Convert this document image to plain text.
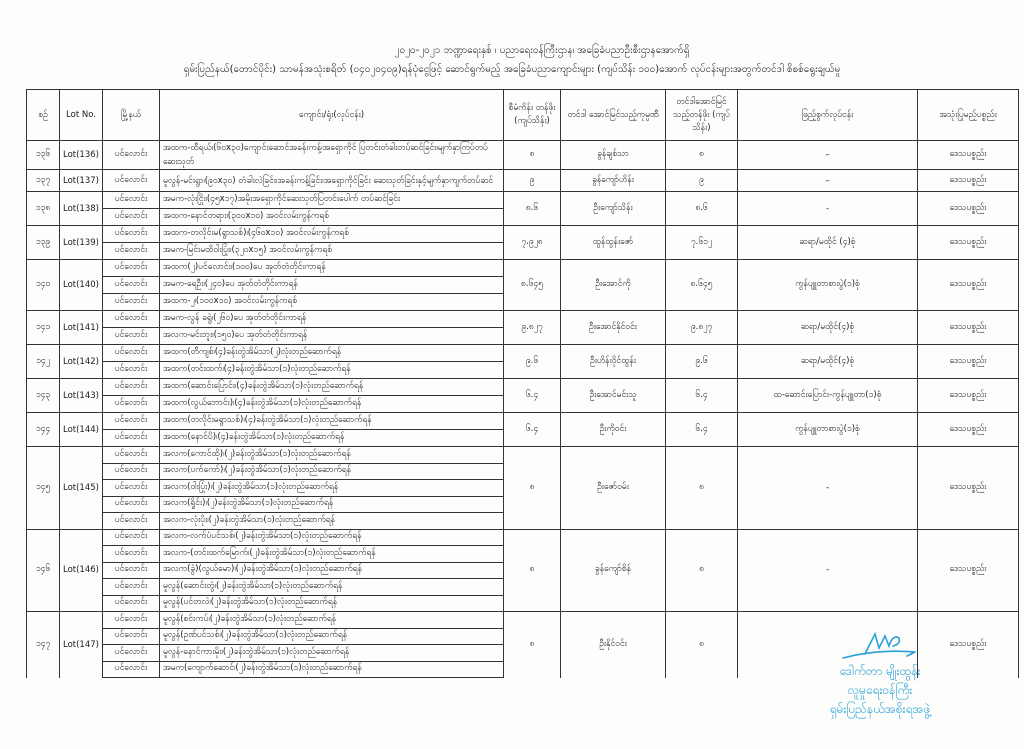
၂၀၂၀-၂၀၂၁ ဘဏ္ဍာရေးနှစ် ၊ ပညာရေးဝန်ကြီးဌာန၊ အခြေခံပညာဦးစီးဌာနအောက်ရှိ
ရှမ်းပြည်နယ်(တောင်ပိုင်း) သာမန်အသုံးစရိတ် (၀၄၀၂၀၄၀၉)ရန်ပုံငွေဖြင့် ဆောင်ရွက်မည့် အခြေခံပညာကျောင်းများ (ကျပ်သိန်း ၁၀၀)အောက် လုပ်ငန်းများအတွက်တင်ဒါ စိစစ်ရွေးချယ်မှု
စဉ်	Lot No.	မြို့နယ်	ကျောင်း/ရုံး(လုပ်ငန်း)	စီမံကိန်း တန်ဖိုး (ကျပ်သိန်း)	တင်ဒါ အောင်မြင်သည့်ကုမ္ပဏီ	တင်ဒါအောင်မြင် သည့်တန်ဖိုး (ကျပ်သိန်း)	ဖြည့်စွက်လုပ်ငန်း	အသုံးပြုမည့်ပစ္စည်း
၁၃၆	Lot(136)	ပင်လောင်း	အထက-ထီရယ်၊(၆၀x၃၀)ကျောင်းဆောင်အခန်းကန့်၊အရှောကိုင် ပြတင်းတံခါးတပ်ဆင်ခြင်း၊မျက်နှာကြပ်တပ်ဆေးသုတ်	၈	ခွန်ချစ်သာ	၈	–	ဒေသပစ္စည်း
၁၃၇	Lot(137)	ပင်လောင်း	မူလွန်-မင်းရွာ၊(၉၀x၃၀) တံခါးလဲခြင်း၊အခန်းကန့်ခြင်း၊အရှောကိုင်ခြင်း ဆေးသုတ်ခြင်းနှင့်မျက်နှာကျက်တပ်ဆင်	၉	ခွန်ကျော်ဟိန်း	၉	–	ဒေသပစ္စည်း
၁၃၈	Lot(138)	ပင်လောင်း	အမက-လုံးငြိုး၊(၄၅x၁၇)အမိုးအရှောကိုင်ဆေးသုတ်ပြတင်းပေါက် တပ်ဆင်ခြင်း	၈.၆	ဦးကျော်သိန်း	၈.၆	-	ဒေသပစ္စည်း
		ပင်လောင်း	အထက-နောင်တရား၊(၃၀၀x၁၀) အဝင်လမ်းကွန်ကရစ်					
၁၃၉	Lot(139)	ပင်လောင်း	အထက-တလိုင်းမ(ရွာသစ်)၊(၄၆၀x၁၀) အဝင်လမ်းကွန်ကရစ်	၇.၉၂၈	ထွန်ထွန်းဇော်	၇.၆၁၂	ဆရာ/မထိုင် (၄)စုံ	ဒေသပစ္စည်း
		ပင်လောင်း	အမက-မြင်းမထိဝါးပြုံး၊(၃၂၀x၁၅) အဝင်လမ်းကွန်ကရစ်					
၁၄၀	Lot(140)	ပင်လောင်း	အထက(၂)ပင်လောင်း၊(၁၀၀)ပေ အုတ်တံတိုင်းကာရန်	၈.၆၄၅	ဦးအောင်ကို	၈.၆၄၅	ကွန်ပျူတာစားပွဲ(၁)စုံ	ဒေသပစ္စည်း
		ပင်လောင်း	အမက-ရေဦး၊(၂၄၀)ပေ အုတ်တံတိုင်းကာရန်					
		ပင်လောင်း	အထက-၂၊(၁၀၀x၁၀) အဝင်လမ်းကွန်ကရစ်					
၁၄၁	Lot(141)	ပင်လောင်း	အမက-လွန် ခရွဲ၊(၂၆၀)ပေ အုတ်တံတိုင်းကာရန်	၉.၈၂၇	ဦးအောင်နိုင်ဝင်း	၉.၈၂၇	ဆရာ/မထိုင်(၄)စုံ	ဒေသပစ္စည်း
		ပင်လောင်း	အလက-မင်းဘူး၊(၁၅၀)ပေ အုတ်တံတိုင်းကာရန်					
၁၄၂	Lot(142)	ပင်လောင်း	အထက(တီကျစ်၊(၄)ခန်းတွဲအိမ်သာ(၂)လုံးတည်ဆောက်ရန်	၉.၆	ဦးဟိန်းဝိုင်ထွန်း	၉.၆	ဆရာ/မထိုင်(၄)စုံ	ဒေသပစ္စည်း
		ပင်လောင်း	အထက(တင်းထက်၊(၄)ခန်းတွဲအိမ်သာ(၁)လုံးတည်ဆောက်ရန်					
၁၄၃	Lot(143)	ပင်လောင်း	အထက(ဆောင်းပြောင်း၊(၄)ခန်းတွဲအိမ်သာ(၁)လုံးတည်ဆောက်ရန်	၆.၄	ဦးအောင်မင်းသူ	၆.၄	ထ-ဆောင်းပြောင်း-ကွန်ပျူတာ(၁)စုံ	ဒေသပစ္စည်း
		ပင်လောင်း	အထက(လွယ်ဘောင်း)၊(၄)ခန်းတွဲအိမ်သာ(၁)လုံးတည်ဆောက်ရန်					
၁၄၄	Lot(144)	ပင်လောင်း	အထက(တလိုင်းမရွာသစ်)၊(၄)ခန်းတွဲအိမ်သာ(၁)လုံးတည်ဆောက်ရန်	၆.၄	ဦးကိုဝင်း	၆.၄	ကွန်ပျူတာစားပွဲ(၁)စုံ	ဒေသပစ္စည်း
		ပင်လောင်း	အထက(နောင်ပိ)၊(၄)ခန်းတွဲအိမ်သာ(၁)လုံးတည်ဆောက်ရန်					
၁၄၅	Lot(145)	ပင်လောင်း	အလက(ကောင်ထို)၊(၂)ခန်းတွဲအိမ်သာ(၁)လုံးတည်ဆောက်ရန်	၈	ဦးဇော်ဝမ်း	၈	-	ဒေသပစ္စည်း
		ပင်လောင်း	အလက(ပက်ကော်)၊(၂)ခန်းတွဲအိမ်သာ(၁)လုံးတည်ဆောက်ရန်					
		ပင်လောင်း	အလက(ဝါးပြုံး)၊(၂)ခန်းတွဲအိမ်သာ(၁)လုံးတည်ဆောက်ရန်					
		ပင်လောင်း	အလက(ရှိုင်း)၊(၂)ခန်းတွဲအိမ်သာ(၁)လုံးတည်ဆောက်ရန်					
		ပင်လောင်း	အလက-လုံးပိုး၊(၂)ခန်းတွဲအိမ်သာ(၁)လုံးတည်ဆောက်ရန်					
၁၄၆	Lot(146)	ပင်လောင်း	အလက-လက်ပံပင်သစ်၊(၂)ခန်းတွဲအိမ်သာ(၁)လုံးတည်ဆောက်ရန်	၈	ခွန်ကျော်စိန်	၈	-	ဒေသပစ္စည်း
		ပင်လောင်း	အလက-(တင်းထက်မြောက်၊(၂)ခန်းတွဲအိမ်သာ(၁)လုံးတည်ဆောက်ရန်					
		ပင်လောင်း	အလက(ခွဲ)(လွယ်မော)၊(၂)ခန်းတွဲအိမ်သာ(၁)လုံးတည်ဆောက်ရန်					
		ပင်လောင်း	မူလွန်(ဆောင်းတွံ၊(၂)ခန်းတွဲအိမ်သာ(၁)လုံးတည်ဆောက်ရန်					
		ပင်လောင်း	မူလွန်(ပင်တလဲ၊(၂)ခန်းတွဲအိမ်သာ(၁)လုံးတည်ဆောက်ရန်					
၁၄၇	Lot(147)	ပင်လောင်း	မူလွန်(စင်းကပ်၊(၂)ခန်းတွဲအိမ်သာ(၁)လုံးတည်ဆောက်ရန်	၈	ဦးနိုင်ဝင်း	၈		ဒေသပစ္စည်း
		ပင်လောင်း	မူလွန်(ဥဏ်ပင်သစ်၊(၂)ခန်းတွဲအိမ်သာ(၁)လုံးတည်ဆောက်ရန်					
		ပင်လောင်း	မူလွန်-နောင်ကားမိုး၊(၂)ခန်းတွဲအိမ်သာ(၁)လုံးတည်ဆောက်ရန်					
		ပင်လောင်း	အမက(ကျောက်ဆောင်၊(၂)ခန်းတွဲအိမ်သာ(၁)လုံးတည်ဆောက်ရန်						ဒေါက်တာ မျိုးထွန်း
လူမှုရေးဝန်ကြီး
ရှမ်းပြည်နယ်အစိုးရအဖွဲ့
